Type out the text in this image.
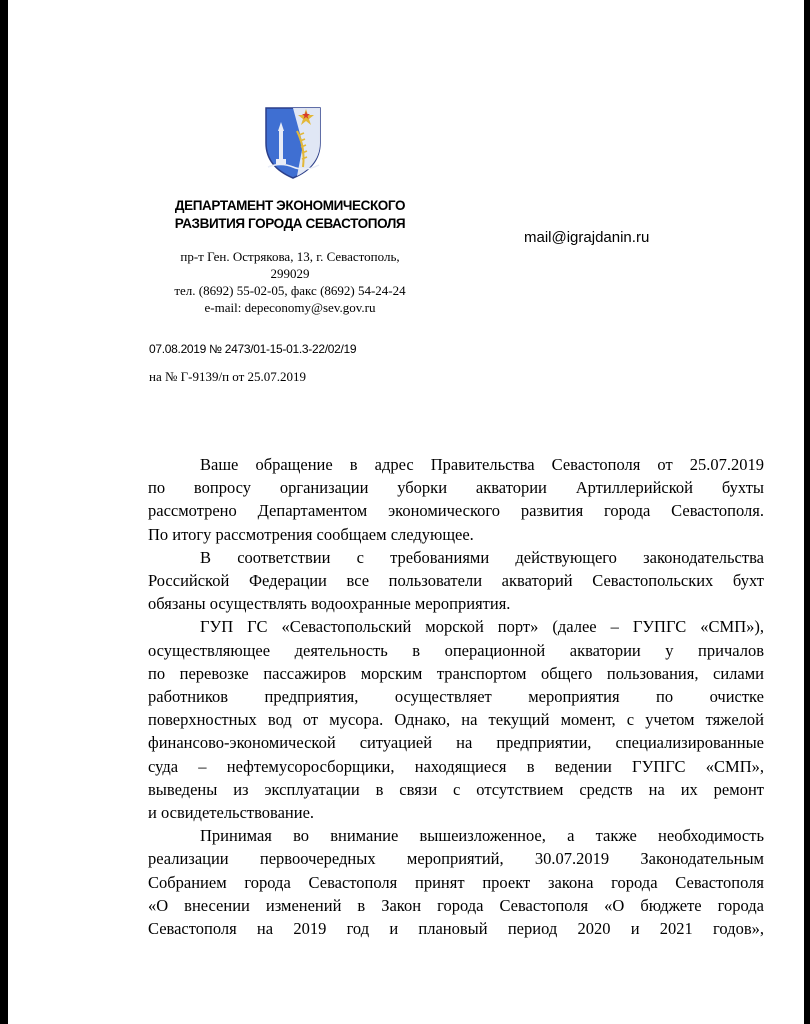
ДЕПАРТАМЕНТ ЭКОНОМИЧЕСКОГО
РАЗВИТИЯ ГОРОДА СЕВАСТОПОЛЯ
пр-т Ген. Острякова, 13, г. Севастополь,
299029
тел. (8692) 55-02-05, факс (8692) 54-24-24
e-mail: depeconomy@sev.gov.ru
mail@igrajdanin.ru
07.08.2019 № 2473/01-15-01.3-22/02/19
на № Г-9139/п от 25.07.2019

Ваше обращение в адрес Правительства Севастополя от 25.07.2019
по вопросу организации уборки акватории Артиллерийской бухты
рассмотрено Департаментом экономического развития города Севастополя.
По итогу рассмотрения сообщаем следующее.

В соответствии с требованиями действующего законодательства
Российской Федерации все пользователи акваторий Севастопольских бухт
обязаны осуществлять водоохранные мероприятия.

ГУП ГС «Севастопольский морской порт» (далее – ГУПГС «СМП»),
осуществляющее деятельность в операционной акватории у причалов
по перевозке пассажиров морским транспортом общего пользования, силами
работников предприятия, осуществляет мероприятия по очистке
поверхностных вод от мусора. Однако, на текущий момент, с учетом тяжелой
финансово-экономической ситуацией на предприятии, специализированные
суда – нефтемусоросборщики, находящиеся в ведении ГУПГС «СМП»,
выведены из эксплуатации в связи с отсутствием средств на их ремонт
и освидетельствование.

Принимая во внимание вышеизложенное, а также необходимость
реализации первоочередных мероприятий, 30.07.2019 Законодательным
Собранием города Севастополя принят проект закона города Севастополя
«О внесении изменений в Закон города Севастополя «О бюджете города
Севастополя на 2019 год и плановый период 2020 и 2021 годов»,
